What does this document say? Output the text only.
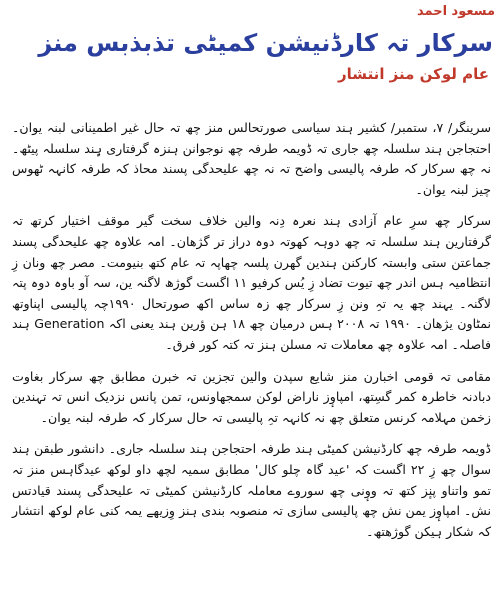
مسعود احمد
سرکار تہ کارڈنیشن کمیٹی تذبذبس منز
عام لوکن منز انتشار

سرینگر/ ۷، ستمبر/ کشیر ہند سیاسی صورتحالس منز چھ تہ حال غیر اطمینانی لبنہ یوان۔ احتجاجن ہند سلسلہ چھ جاری تہ ڈویمہ طرفہ چھ نوجوانن ہنزہ گرفتاری ہٕند سلسلہ پیٹھ۔ نہ چھ سرکار کہ طرفہ پالیسی واضح تہ نہ چھ علیحدگی پسند محاذ کہ طرفہ کانہہ ٹھوس چیز لبنہ یوان۔

سرکار چھ سرِ عام آزادی ہند نعرہ دِنہ والین خلاف سخت گیر موقف اختیار کرتھ تہ گرفتارین ہند سلسلہ تہ چھ دوہہ کھوتہ دوہ دراز تر گژھان۔ امہ علاوہ چھ علیحدگی پسند جماعتن ستی وابستہ کارکنن ہندین گھرن پلسہ چھاپہ تہ عام کتھ بنیومت۔ مصر چھ ونان زِ انتظامیہ ہس اندر چھ تیوت تضاد زِ یُس کرفیو ۱۱ اگست گوژھ لاگنہ ین، سہ آو باوہ دوہ پتہ لاگنہ۔ یہند چھ یہ تہِ ونن زِ سرکار چھ زہ ساس اکھ صورتحال ۱۹۹۰چہ پالیسی اپناوتھ نمٹاون یژھان۔ ۱۹۹۰ تہ ۲۰۰۸ ہس درمیان چھ ۱۸ ہن ؤرین ہند یعنی اکہ Generation ہند فاصلہ۔ امہ علاوہ چھ معاملات تہ مسلن ہنز تہ کتہ کور فرق۔

مقامی تہ قومی اخبارن منز شایع سپدن والین تجزین تہ خبرن مطابق چھ سرکار بغاوت دبادنہ خاطرہ کمر گسِتھ، امپاوٕز ناراض لوکن سمجھاونس، تمن پانس نزدیک انس تہ تہندین زخمن مہلامہ کرنس متعلق چھ نہ کانہہ تہِ پالیسی تہ حال سرکار کہ طرفہ لبنہ یوان۔

ڈویمہ طرفہ چھ کارڈنیشن کمیٹی ہند طرفہ احتجاجن ہند سلسلہ جاری۔ دانشور طبقن ہند سوال چھ زِ ۲۲ اگست کہ 'عید گاہ چلو کال' مطابق سمیہ لچھ داو لوکھ عیدگاہس منز تہ تمو واتناو پنٕز کتھ تہ ووٕنی چھ سوروے معاملہ کارڈنیشن کمیٹی تہ علیحدگی پسند قیادتس نش۔ امپاوٕز یمن نش چھ پالیسی سازی تہ منصوبہ بندی ہنز وِزیھے یمہ کنی عام لوکھ انتشار کہ شکار ہیکن گوژھتھ۔
